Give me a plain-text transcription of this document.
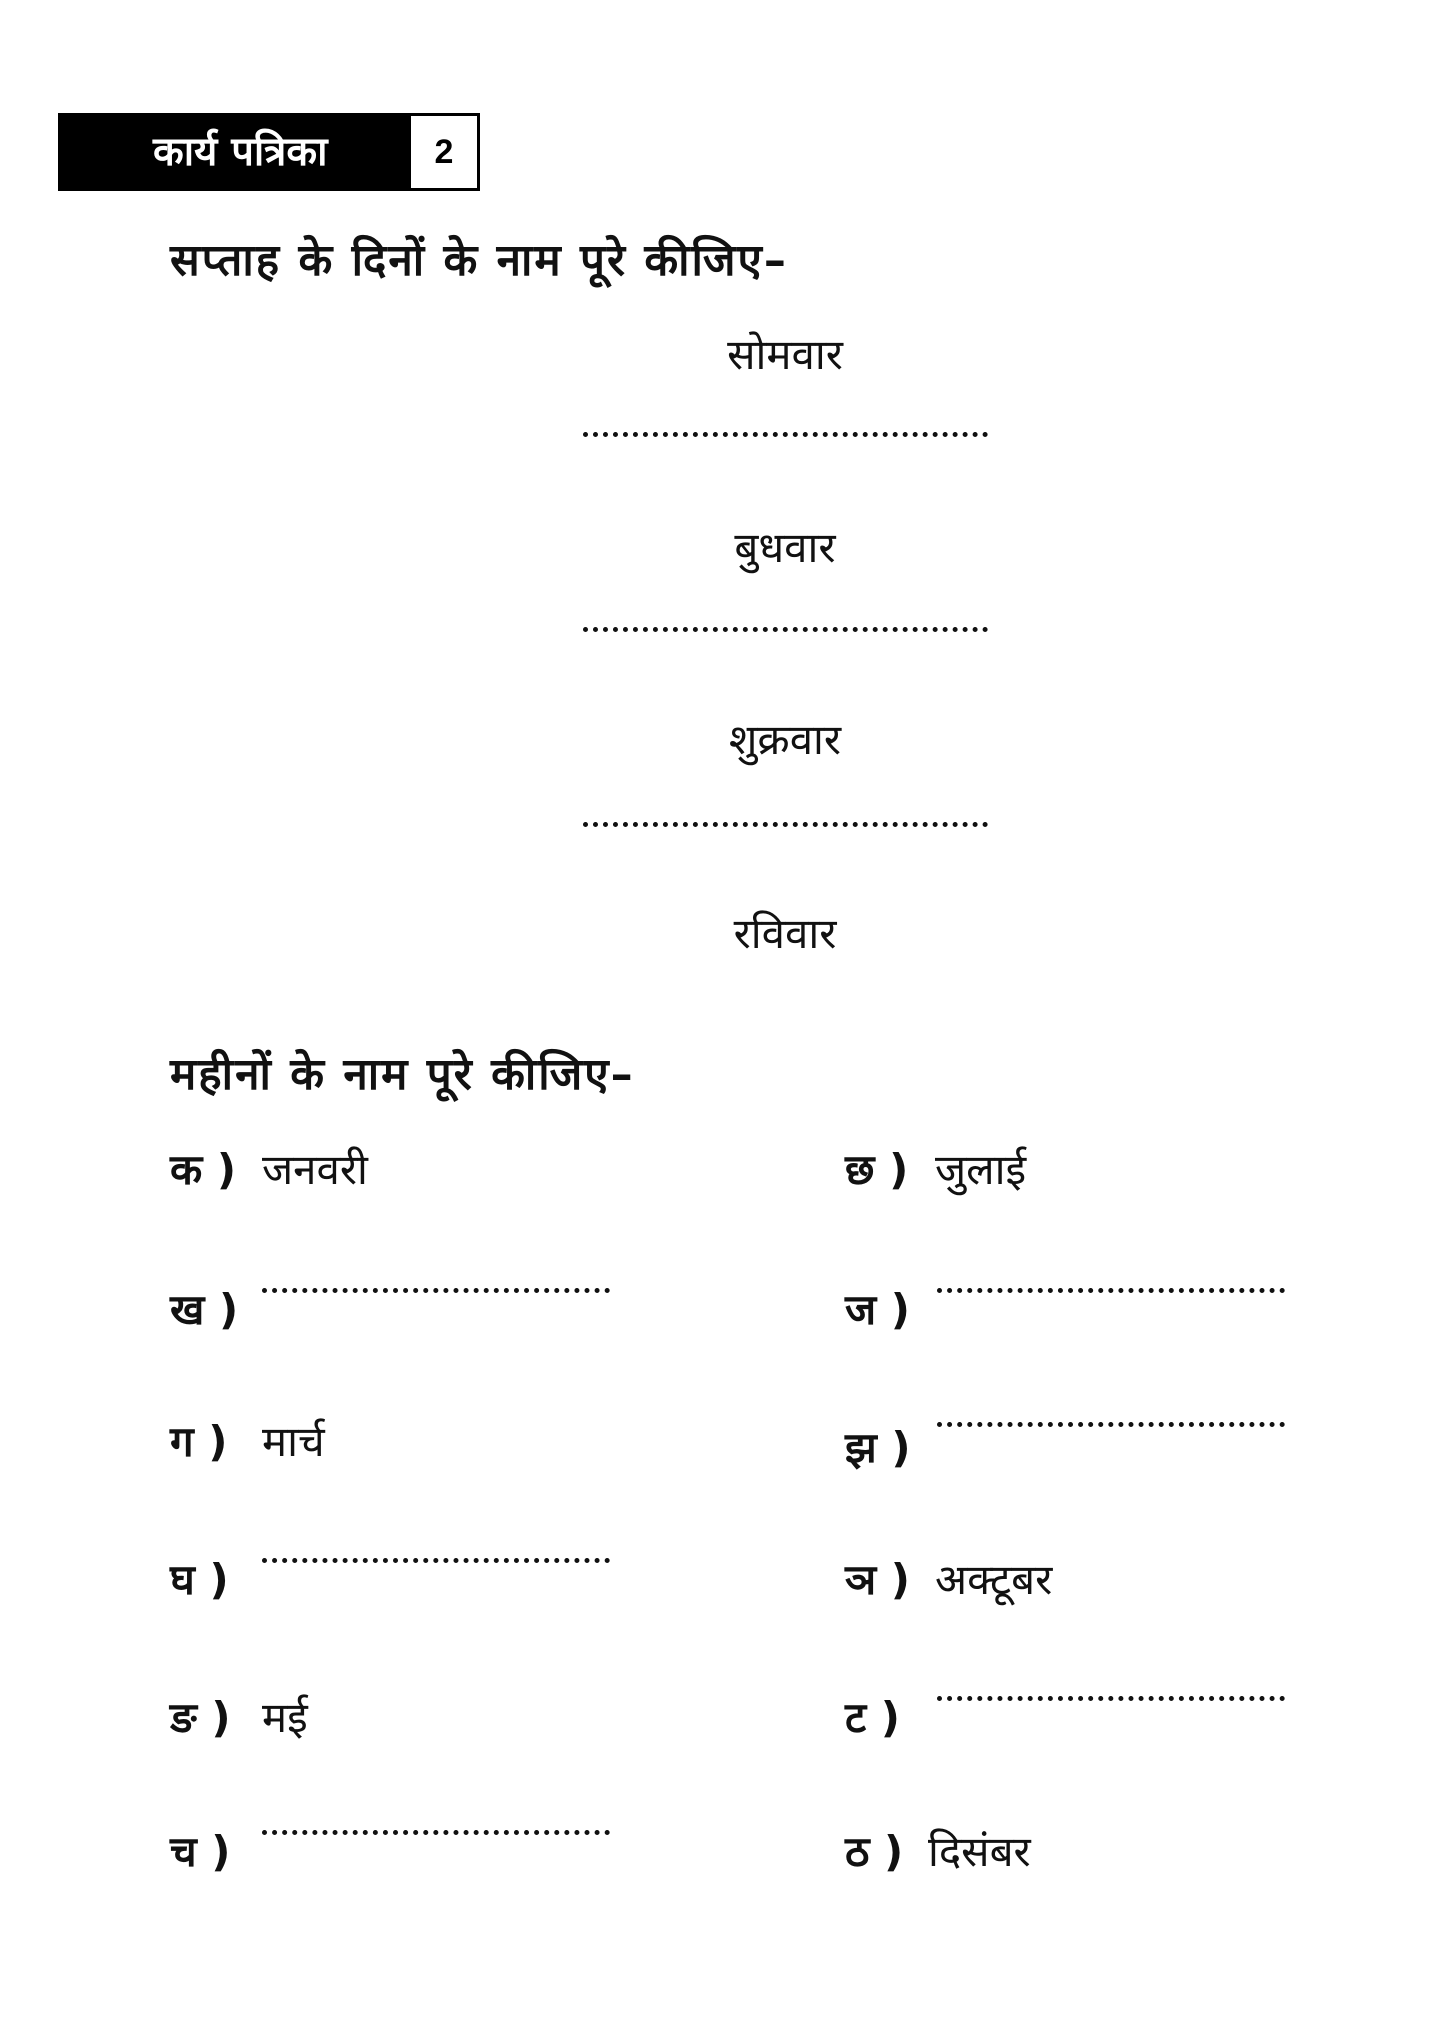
कार्य पत्रिका	2
सप्ताह के दिनों के नाम पूरे कीजिए–
सोमवार
बुधवार
शुक्रवार
रविवार
महीनों के नाम पूरे कीजिए–
क ) जनवरी
ख )
ग ) मार्च
घ )
ङ ) मई
च )
छ ) जुलाई
ज )
झ )
ञ ) अक्टूबर
ट )
ठ ) दिसंबर
